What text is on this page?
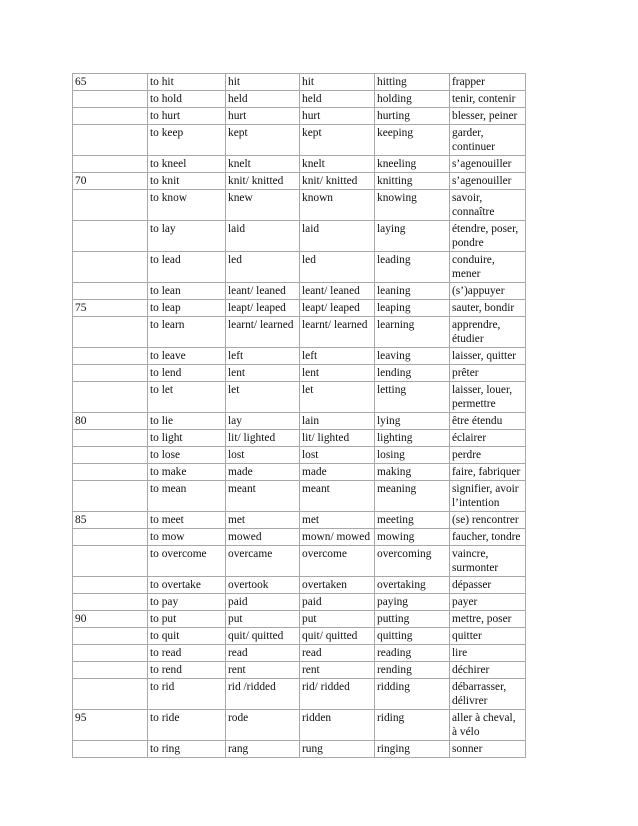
65	to hit	hit	hit	hitting	frapper
	to hold	held	held	holding	tenir, contenir
	to hurt	hurt	hurt	hurting	blesser, peiner
	to keep	kept	kept	keeping	garder, continuer
	to kneel	knelt	knelt	kneeling	s’agenouiller
70	to knit	knit/ knitted	knit/ knitted	knitting	s’agenouiller
	to know	knew	known	knowing	savoir, connaître
	to lay	laid	laid	laying	étendre, poser, pondre
	to lead	led	led	leading	conduire, mener
	to lean	leant/ leaned	leant/ leaned	leaning	(s’)appuyer
75	to leap	leapt/ leaped	leapt/ leaped	leaping	sauter, bondir
	to learn	learnt/ learned	learnt/ learned	learning	apprendre, étudier
	to leave	left	left	leaving	laisser, quitter
	to lend	lent	lent	lending	prêter
	to let	let	let	letting	laisser, louer, permettre
80	to lie	lay	lain	lying	être étendu
	to light	lit/ lighted	lit/ lighted	lighting	éclairer
	to lose	lost	lost	losing	perdre
	to make	made	made	making	faire, fabriquer
	to mean	meant	meant	meaning	signifier, avoir l’intention
85	to meet	met	met	meeting	(se) rencontrer
	to mow	mowed	mown/ mowed	mowing	faucher, tondre
	to overcome	overcame	overcome	overcoming	vaincre, surmonter
	to overtake	overtook	overtaken	overtaking	dépasser
	to pay	paid	paid	paying	payer
90	to put	put	put	putting	mettre, poser
	to quit	quit/ quitted	quit/ quitted	quitting	quitter
	to read	read	read	reading	lire
	to rend	rent	rent	rending	déchirer
	to rid	rid /ridded	rid/ ridded	ridding	débarrasser, délivrer
95	to ride	rode	ridden	riding	aller à cheval, à vélo
	to ring	rang	rung	ringing	sonner
